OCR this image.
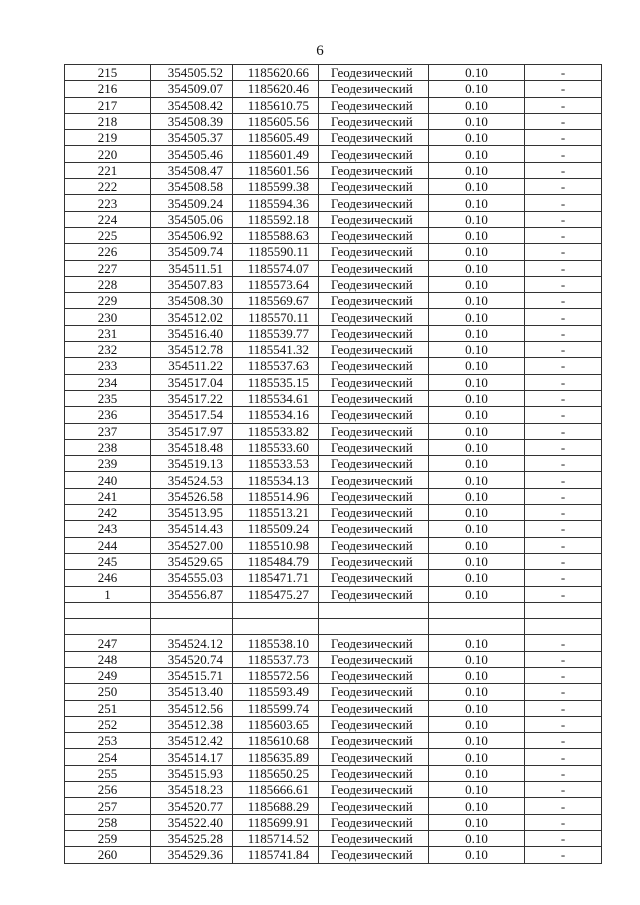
6
215	354505.52	1185620.66	Геодезический	0.10	-
216	354509.07	1185620.46	Геодезический	0.10	-
217	354508.42	1185610.75	Геодезический	0.10	-
218	354508.39	1185605.56	Геодезический	0.10	-
219	354505.37	1185605.49	Геодезический	0.10	-
220	354505.46	1185601.49	Геодезический	0.10	-
221	354508.47	1185601.56	Геодезический	0.10	-
222	354508.58	1185599.38	Геодезический	0.10	-
223	354509.24	1185594.36	Геодезический	0.10	-
224	354505.06	1185592.18	Геодезический	0.10	-
225	354506.92	1185588.63	Геодезический	0.10	-
226	354509.74	1185590.11	Геодезический	0.10	-
227	354511.51	1185574.07	Геодезический	0.10	-
228	354507.83	1185573.64	Геодезический	0.10	-
229	354508.30	1185569.67	Геодезический	0.10	-
230	354512.02	1185570.11	Геодезический	0.10	-
231	354516.40	1185539.77	Геодезический	0.10	-
232	354512.78	1185541.32	Геодезический	0.10	-
233	354511.22	1185537.63	Геодезический	0.10	-
234	354517.04	1185535.15	Геодезический	0.10	-
235	354517.22	1185534.61	Геодезический	0.10	-
236	354517.54	1185534.16	Геодезический	0.10	-
237	354517.97	1185533.82	Геодезический	0.10	-
238	354518.48	1185533.60	Геодезический	0.10	-
239	354519.13	1185533.53	Геодезический	0.10	-
240	354524.53	1185534.13	Геодезический	0.10	-
241	354526.58	1185514.96	Геодезический	0.10	-
242	354513.95	1185513.21	Геодезический	0.10	-
243	354514.43	1185509.24	Геодезический	0.10	-
244	354527.00	1185510.98	Геодезический	0.10	-
245	354529.65	1185484.79	Геодезический	0.10	-
246	354555.03	1185471.71	Геодезический	0.10	-
1	354556.87	1185475.27	Геодезический	0.10	-

247	354524.12	1185538.10	Геодезический	0.10	-
248	354520.74	1185537.73	Геодезический	0.10	-
249	354515.71	1185572.56	Геодезический	0.10	-
250	354513.40	1185593.49	Геодезический	0.10	-
251	354512.56	1185599.74	Геодезический	0.10	-
252	354512.38	1185603.65	Геодезический	0.10	-
253	354512.42	1185610.68	Геодезический	0.10	-
254	354514.17	1185635.89	Геодезический	0.10	-
255	354515.93	1185650.25	Геодезический	0.10	-
256	354518.23	1185666.61	Геодезический	0.10	-
257	354520.77	1185688.29	Геодезический	0.10	-
258	354522.40	1185699.91	Геодезический	0.10	-
259	354525.28	1185714.52	Геодезический	0.10	-
260	354529.36	1185741.84	Геодезический	0.10	-
